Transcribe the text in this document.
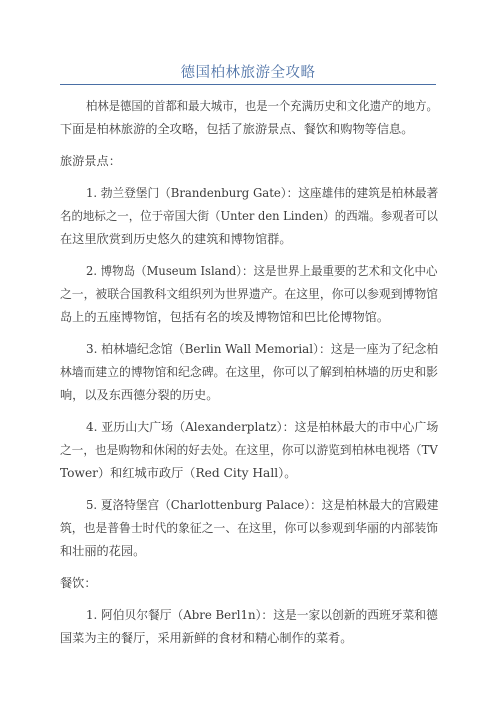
德国柏林旅游全攻略
柏林是德国的首都和最大城市，也是一个充满历史和文化遗产的地方。
下面是柏林旅游的全攻略，包括了旅游景点、餐饮和购物等信息。
旅游景点：
1. 勃兰登堡门（Brandenburg Gate）：这座雄伟的建筑是柏林最著
名的地标之一，位于帝国大街（Unter den Linden）的西端。参观者可以
在这里欣赏到历史悠久的建筑和博物馆群。
2. 博物岛（Museum Island）：这是世界上最重要的艺术和文化中心
之一，被联合国教科文组织列为世界遗产。在这里，你可以参观到博物馆
岛上的五座博物馆，包括有名的埃及博物馆和巴比伦博物馆。
3. 柏林墙纪念馆（Berlin Wall Memorial）：这是一座为了纪念柏
林墙而建立的博物馆和纪念碑。在这里，你可以了解到柏林墙的历史和影
响，以及东西德分裂的历史。
4. 亚历山大广场（Alexanderplatz）：这是柏林最大的市中心广场
之一，也是购物和休闲的好去处。在这里，你可以游览到柏林电视塔（TV
Tower）和红城市政厅（Red City Hall）。
5. 夏洛特堡宫（Charlottenburg Palace）：这是柏林最大的宫殿建
筑，也是普鲁士时代的象征之一、在这里，你可以参观到华丽的内部装饰
和壮丽的花园。
餐饮：
1. 阿伯贝尔餐厅（Abre Berl1n）：这是一家以创新的西班牙菜和德
国菜为主的餐厅，采用新鲜的食材和精心制作的菜肴。
